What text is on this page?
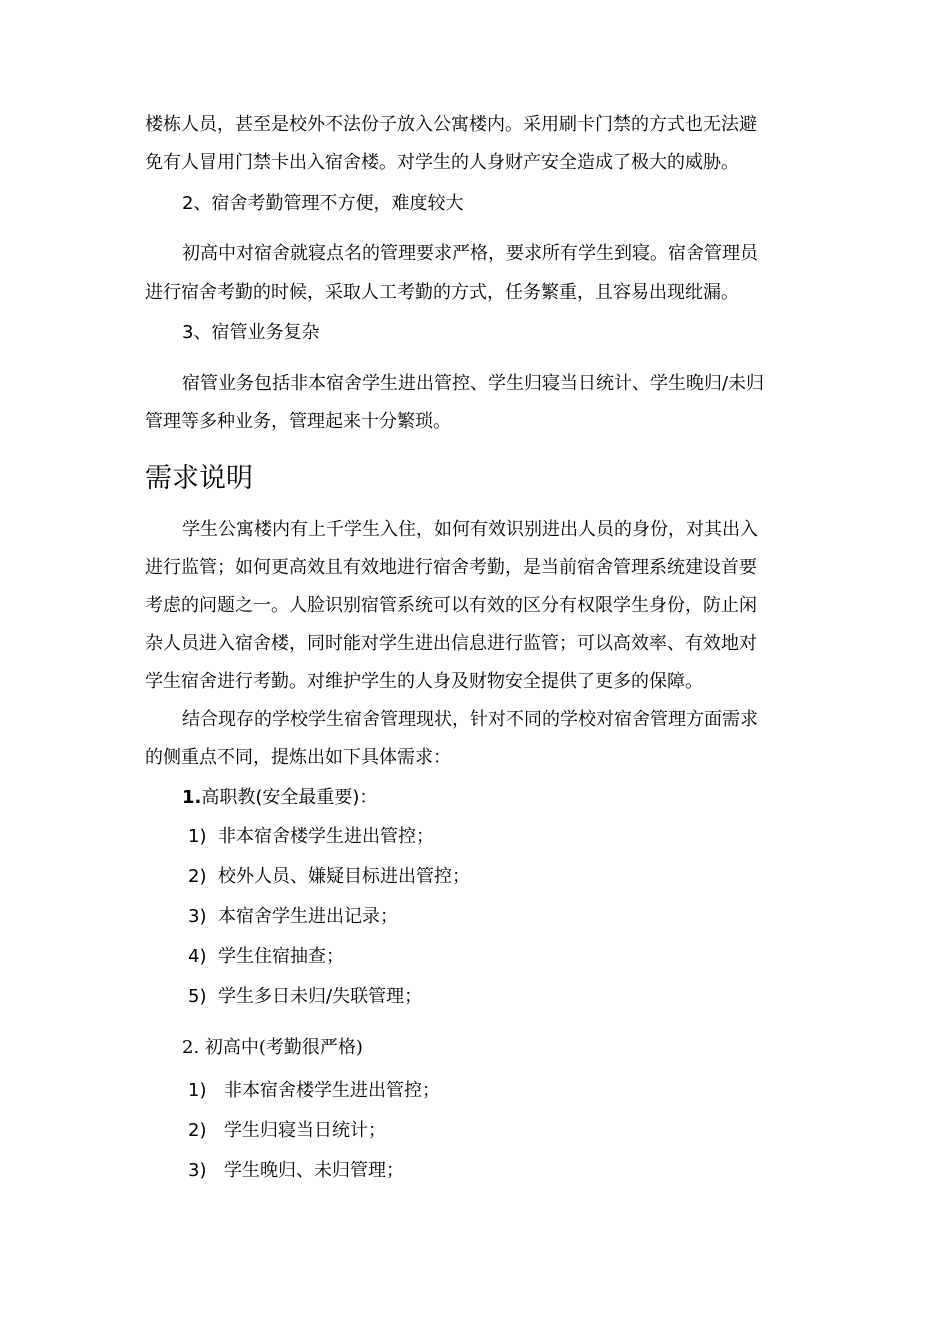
楼栋人员，甚至是校外不法份子放入公寓楼内。采用刷卡门禁的方式也无法避
免有人冒用门禁卡出入宿舍楼。对学生的人身财产安全造成了极大的威胁。
2、宿舍考勤管理不方便，难度较大
初高中对宿舍就寝点名的管理要求严格，要求所有学生到寝。宿舍管理员
进行宿舍考勤的时候，采取人工考勤的方式，任务繁重，且容易出现纰漏。
3、宿管业务复杂
宿管业务包括非本宿舍学生进出管控、学生归寝当日统计、学生晚归/未归
管理等多种业务，管理起来十分繁琐。
需求说明
学生公寓楼内有上千学生入住，如何有效识别进出人员的身份，对其出入
进行监管；如何更高效且有效地进行宿舍考勤，是当前宿舍管理系统建设首要
考虑的问题之一。人脸识别宿管系统可以有效的区分有权限学生身份，防止闲
杂人员进入宿舍楼，同时能对学生进出信息进行监管；可以高效率、有效地对
学生宿舍进行考勤。对维护学生的人身及财物安全提供了更多的保障。
结合现存的学校学生宿舍管理现状，针对不同的学校对宿舍管理方面需求
的侧重点不同，提炼出如下具体需求：
1.高职教(安全最重要)：
1) 非本宿舍楼学生进出管控；
2) 校外人员、嫌疑目标进出管控；
3) 本宿舍学生进出记录；
4) 学生住宿抽查；
5) 学生多日未归/失联管理；
2. 初高中(考勤很严格)
1) 非本宿舍楼学生进出管控；
2) 学生归寝当日统计；
3) 学生晚归、未归管理；
